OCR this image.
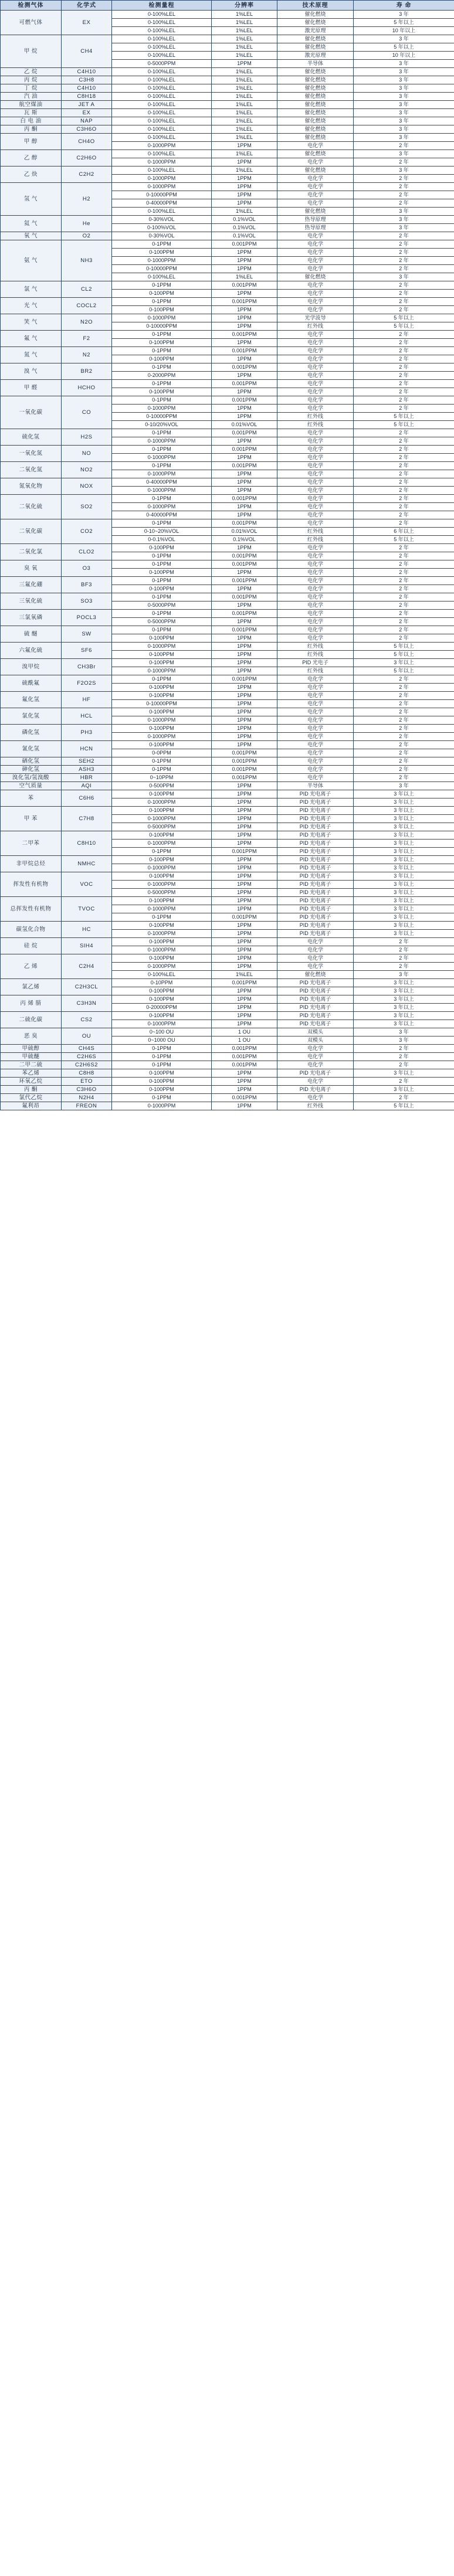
检测气体	化学式	检测量程	分辨率	技术原理	寿 命
可燃气体	EX	0-100%LEL	1%LEL	催化燃烧	3 年
		0-100%LEL	1%LEL	催化燃烧	5 年以上
		0-100%LEL	1%LEL	激光原理	10 年以上
甲 烷	CH4	0-100%LEL	1%LEL	催化燃烧	3 年
		0-100%LEL	1%LEL	催化燃烧	5 年以上
		0-100%LEL	1%LEL	激光原理	10 年以上
		0-5000PPM	1PPM	半导体	3 年
乙 烷	C4H10	0-100%LEL	1%LEL	催化燃烧	3 年
丙 烷	C3H8	0-100%LEL	1%LEL	催化燃烧	3 年
丁 烷	C4H10	0-100%LEL	1%LEL	催化燃烧	3 年
汽 油	C8H18	0-100%LEL	1%LEL	催化燃烧	3 年
航空煤油	JET A	0-100%LEL	1%LEL	催化燃烧	3 年
瓦 斯	EX	0-100%LEL	1%LEL	催化燃烧	3 年
白 电 油	NAP	0-100%LEL	1%LEL	催化燃烧	3 年
丙 酮	C3H6O	0-100%LEL	1%LEL	催化燃烧	3 年
甲 醇	CH4O	0-100%LEL	1%LEL	催化燃烧	3 年
		0-1000PPM	1PPM	电化学	2 年
乙 醇	C2H6O	0-100%LEL	1%LEL	催化燃烧	3 年
		0-1000PPM	1PPM	电化学	2 年
乙 炔	C2H2	0-100%LEL	1%LEL	催化燃烧	3 年
		0-1000PPM	1PPM	电化学	2 年
氢 气	H2	0-1000PPM	1PPM	电化学	2 年
		0-10000PPM	1PPM	电化学	2 年
		0-40000PPM	1PPM	电化学	2 年
		0-100%LEL	1%LEL	催化燃烧	3 年
氦 气	He	0-30%VOL	0.1%VOL	热导原理	3 年
		0-100%VOL	0.1%VOL	热导原理	3 年
氧 气	O2	0-30%VOL	0.1%VOL	电化学	2 年
氨 气	NH3	0-1PPM	0.001PPM	电化学	2 年
		0-100PPM	1PPM	电化学	2 年
		0-1000PPM	1PPM	电化学	2 年
		0-10000PPM	1PPM	电化学	2 年
		0-100%LEL	1%LEL	催化燃烧	3 年
氯 气	CL2	0-1PPM	0.001PPM	电化学	2 年
		0-100PPM	1PPM	电化学	2 年
光 气	COCL2	0-1PPM	0.001PPM	电化学	2 年
		0-100PPM	1PPM	电化学	2 年
笑 气	N2O	0-1000PPM	1PPM	光学波导	5 年以上
		0-10000PPM	1PPM	红外线	5 年以上
氟 气	F2	0-1PPM	0.001PPM	电化学	2 年
		0-100PPM	1PPM	电化学	2 年
氮 气	N2	0-1PPM	0.001PPM	电化学	2 年
		0-100PPM	1PPM	电化学	2 年
溴 气	BR2	0-1PPM	0.001PPM	电化学	2 年
		0-2000PPM	1PPM	电化学	2 年
甲 醛	HCHO	0-1PPM	0.001PPM	电化学	2 年
		0-100PPM	1PPM	电化学	2 年
一氧化碳	CO	0-1PPM	0.001PPM	电化学	2 年
		0-1000PPM	1PPM	电化学	2 年
		0-10000PPM	1PPM	红外线	5 年以上
		0-10/20%VOL	0.01%VOL	红外线	5 年以上
硫化氢	H2S	0-1PPM	0.001PPM	电化学	2 年
		0-1000PPM	1PPM	电化学	2 年
一氧化氮	NO	0-1PPM	0.001PPM	电化学	2 年
		0-1000PPM	1PPM	电化学	2 年
二氧化氮	NO2	0-1PPM	0.001PPM	电化学	2 年
		0-1000PPM	1PPM	电化学	2 年
氮氧化物	NOX	0-40000PPM	1PPM	电化学	2 年
		0-1000PPM	1PPM	电化学	2 年
二氧化硫	SO2	0-1PPM	0.001PPM	电化学	2 年
		0-1000PPM	1PPM	电化学	2 年
		0-40000PPM	1PPM	电化学	2 年
二氧化碳	CO2	0-1PPM	0.001PPM	电化学	2 年
		0-10~20%VOL	0.01%VOL	红外线	6 年以上
		0-0.1%VOL	0.1%VOL	红外线	5 年以上
二氧化氯	CLO2	0-100PPM	1PPM	电化学	2 年
		0-1PPM	0.001PPM	电化学	2 年
臭 氧	O3	0-1PPM	0.001PPM	电化学	2 年
		0-100PPM	1PPM	电化学	2 年
三氟化硼	BF3	0-1PPM	0.001PPM	电化学	2 年
		0-100PPM	1PPM	电化学	2 年
三氧化硫	SO3	0-1PPM	0.001PPM	电化学	2 年
		0-5000PPM	1PPM	电化学	2 年
三氯氧磷	POCL3	0-1PPM	0.001PPM	电化学	2 年
		0-5000PPM	1PPM	电化学	2 年
硫 醚	SW	0-1PPM	0.001PPM	电化学	2 年
		0-100PPM	1PPM	电化学	2 年
六氟化硫	SF6	0-1000PPM	1PPM	红外线	5 年以上
		0-100PPM	1PPM	红外线	5 年以上
溴甲烷	CH3Br	0-100PPM	1PPM	PID 光电子	3 年以上
		0-1000PPM	1PPM	红外线	5 年以上
硫酰氟	F2O2S	0-1PPM	0.001PPM	电化学	2 年
		0-100PPM	1PPM	电化学	2 年
氟化氢	HF	0-100PPM	1PPM	电化学	2 年
		0-10000PPM	1PPM	电化学	2 年
氯化氢	HCL	0-100PPM	1PPM	电化学	2 年
		0-1000PPM	1PPM	电化学	2 年
磷化氢	PH3	0-100PPM	1PPM	电化学	2 年
		0-1000PPM	1PPM	电化学	2 年
氰化氢	HCN	0-100PPM	1PPM	电化学	2 年
		0-0PPM	0.001PPM	电化学	2 年
硒化氢	SEH2	0-1PPM	0.001PPM	电化学	2 年
砷化氢	ASH3	0-1PPM	0.001PPM	电化学	2 年
溴化氢/氢溴酸	HBR	0~10PPM	0.001PPM	电化学	2 年
空气质量	AQI	0-500PPM	1PPM	半导体	3 年
苯	C6H6	0-100PPM	1PPM	PID 光电离子	3 年以上
		0-1000PPM	1PPM	PID 光电离子	3 年以上
甲 苯	C7H8	0-100PPM	1PPM	PID 光电离子	3 年以上
		0-1000PPM	1PPM	PID 光电离子	3 年以上
		0-5000PPM	1PPM	PID 光电离子	3 年以上
二甲苯	C8H10	0-100PPM	1PPM	PID 光电离子	3 年以上
		0-1000PPM	1PPM	PID 光电离子	3 年以上
		0-1PPM	0.001PPM	PID 光电离子	3 年以上
非甲烷总烃	NMHC	0-100PPM	1PPM	PID 光电离子	3 年以上
		0-1000PPM	1PPM	PID 光电离子	3 年以上
挥发性有机物	VOC	0-100PPM	1PPM	PID 光电离子	3 年以上
		0-1000PPM	1PPM	PID 光电离子	3 年以上
		0-5000PPM	1PPM	PID 光电离子	3 年以上
总挥发性有机物	TVOC	0-100PPM	1PPM	PID 光电离子	3 年以上
		0-1000PPM	1PPM	PID 光电离子	3 年以上
		0-1PPM	0.001PPM	PID 光电离子	3 年以上
碳氢化合物	HC	0-100PPM	1PPM	PID 光电离子	3 年以上
		0-1000PPM	1PPM	PID 光电离子	3 年以上
硅 烷	SIH4	0-100PPM	1PPM	电化学	2 年
		0-1000PPM	1PPM	电化学	2 年
乙 烯	C2H4	0-100PPM	1PPM	电化学	2 年
		0-1000PPM	1PPM	电化学	2 年
		0-100%LEL	1%LEL	催化燃烧	3 年
氯乙烯	C2H3CL	0-10PPM	0.001PPM	PID 光电离子	3 年以上
		0-100PPM	1PPM	PID 光电离子	3 年以上
丙 烯 腈	C3H3N	0-100PPM	1PPM	PID 光电离子	3 年以上
		0-20000PPM	1PPM	PID 光电离子	3 年以上
二硫化碳	CS2	0-100PPM	1PPM	PID 光电离子	3 年以上
		0-1000PPM	1PPM	PID 光电离子	3 年以上
恶 臭	OU	0~100 OU	1 OU	双模头	3 年
		0~1000 OU	1 OU	双模头	3 年
甲硫醇	CH4S	0-1PPM	0.001PPM	电化学	2 年
甲硫醚	C2H6S	0-1PPM	0.001PPM	电化学	2 年
二甲二硫	C2H6S2	0-1PPM	0.001PPM	电化学	2 年
苯乙烯	C8H8	0-100PPM	1PPM	PID 光电离子	3 年以上
环氧乙烷	ETO	0-100PPM	1PPM	电化学	2 年
丙 酮	C3H6O	0-100PPM	1PPM	PID 光电离子	3 年以上
氯代乙烷	N2H4	0-1PPM	0.001PPM	电化学	2 年
氟利昂	FREON	0-1000PPM	1PPM	红外线	5 年以上
